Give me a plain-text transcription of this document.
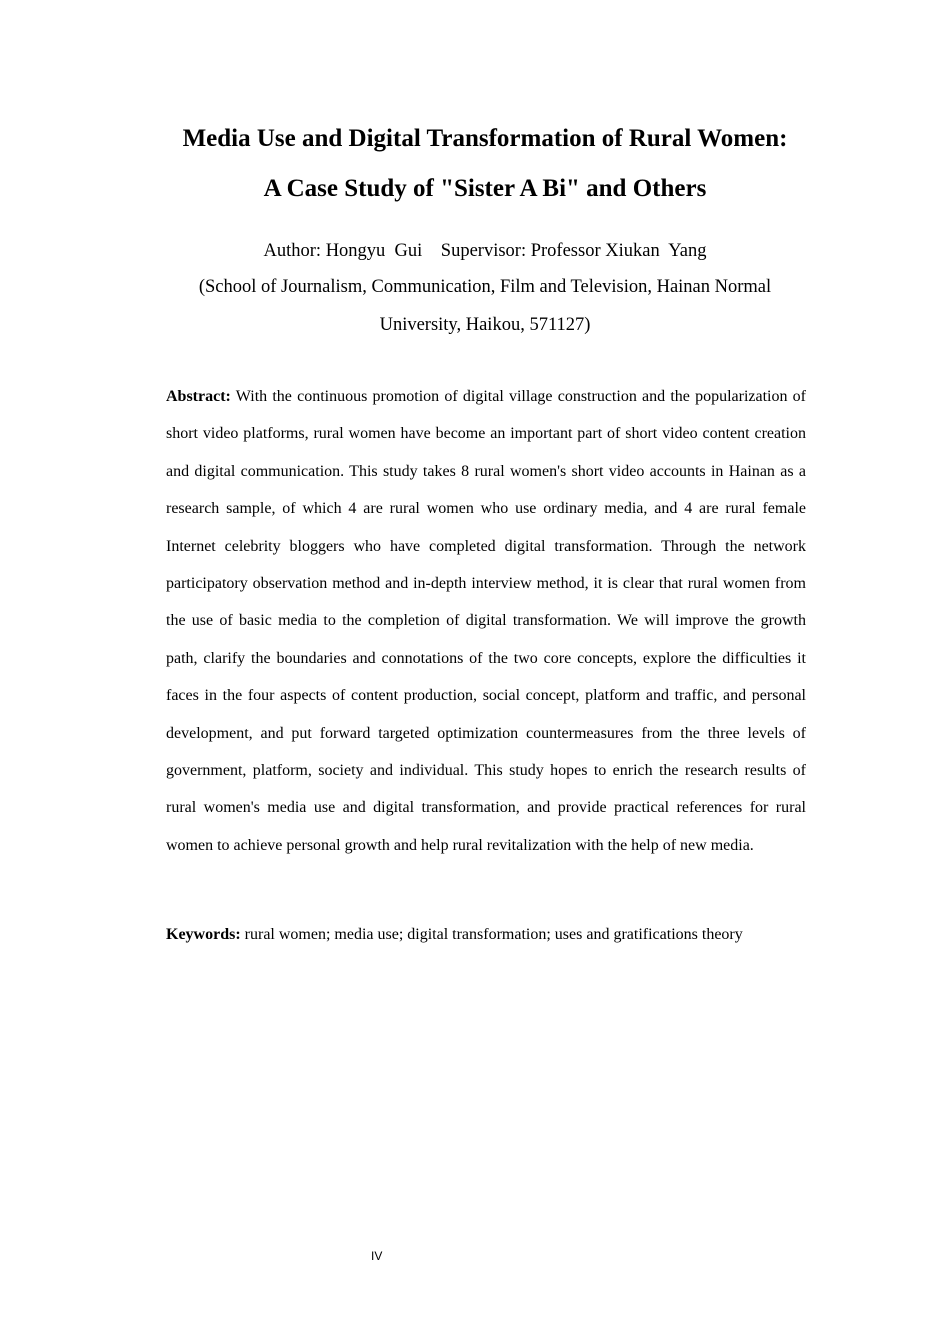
Media Use and Digital Transformation of Rural Women:
A Case Study of "Sister A Bi" and Others
Author: Hongyu  Gui    Supervisor: Professor Xiukan  Yang
(School of Journalism, Communication, Film and Television, Hainan Normal
University, Haikou, 571127)

Abstract: With the continuous promotion of digital village construction and the popularization of short video platforms, rural women have become an important part of short video content creation and digital communication. This study takes 8 rural women's short video accounts in Hainan as a research sample, of which 4 are rural women who use ordinary media, and 4 are rural female Internet celebrity bloggers who have completed digital transformation. Through the network participatory observation method and in-depth interview method, it is clear that rural women from the use of basic media to the completion of digital transformation. We will improve the growth path, clarify the boundaries and connotations of the two core concepts, explore the difficulties it faces in the four aspects of content production, social concept, platform and traffic, and personal development, and put forward targeted optimization countermeasures from the three levels of government, platform, society and individual. This study hopes to enrich the research results of rural women's media use and digital transformation, and provide practical references for rural women to achieve personal growth and help rural revitalization with the help of new media.

Keywords: rural women; media use; digital transformation; uses and gratifications theory

IV
